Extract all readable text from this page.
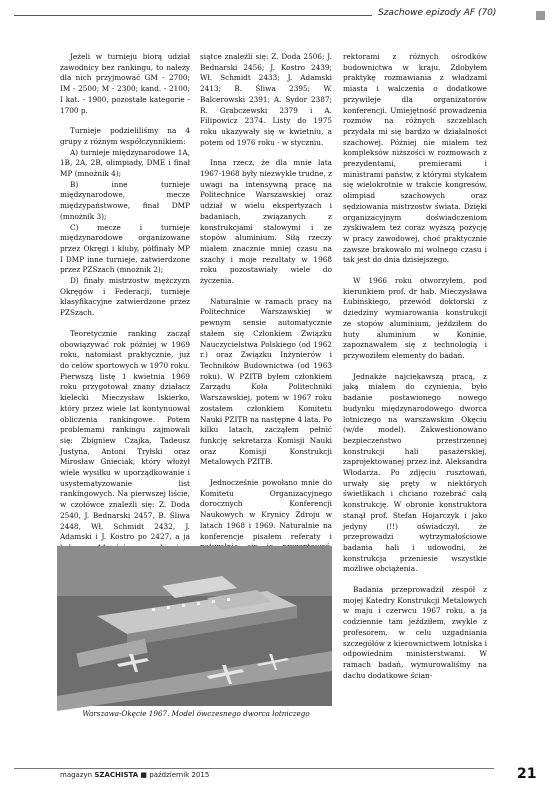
Szachowe epizody AF (70)

Jeżeli w turnieju biorą udział zawodnicy bez rankingu, to należy dla nich przyjmować GM - 2700; IM - 2500; M - 2300; kand. - 2100; I kat. - 1900, pozostałe kategorie - 1700 p.

Turnieje podzieliliśmy na 4 grupy z różnym współczynnikiem:

A) turnieje międzynarodowe 1A, 1B, 2A, 2B, olimpiady, DME i finał MP (mnożnik 4);

B) inne turnieje międzynarodowe, mecze międzypaństwowe, finał DMP (mnożnik 3);

C) mecze i turnieje międzynarodowe organizowane przez Okręgi i kluby, półfinały MP I DMP inne turnieje, zatwierdzone przez PZSzach (mnożnik 2);

D) finały mistrzostw mężczyzn Okręgów i Federacji, turnieje klasyfikacyjne zatwierdzone przez PZSzach.

Teoretycznie ranking zaczął obowiązywać rok później w 1969 roku, natomiast praktycznie, już do celów sportowych w 1970 roku. Pierwszą listę 1 kwietnia 1969 roku przygotował znany działacz kielecki Mieczysław Iskierko, który przez wiele lat kontynuował obliczenia rankingowe. Potem problemami rankingu zajmowali się: Zbigniew Czajka, Tadeusz Justyna, Antoni Tryłski oraz Mirosław Gnieciak, który włożył wiele wysiłku w uporządkowanie i usystematyzowanie list rankingowych. Na pierwszej liście, w czołówce znaleźli się: Z. Doda 2540, J. Bednarski 2457, B. Śliwa 2448, Wł. Schmidt 2432, J. Adamski i J. Kostro po 2427, a ja

siątce znaleźli się: Z. Doda 2506; J. Bednarski 2456; J. Kostro 2439; Wł. Schmidt 2433; J. Adamski 2413; B. Śliwa 2395; W. Balcerowski 2391; A. Sydor 2387; R. Grabczewski 2379 i A. Filipowicz 2374. Listy do 1975 roku ukazywały się w kwietniu, a potem od 1976 roku - w styczniu.

Inna rzecz, że dla mnie lata 1967-1968 były niezwykle trudne, z uwagi na intensywną pracę na Politechnice Warszawskiej oraz udział w wielu ekspertyzach i badaniach, związanych z konstrukcjami stalowymi i ze stopów aluminium. Siłą rzeczy miałem znacznie mniej czasu na szachy i moje rezultaty w 1968 roku pozostawiały wiele do życzenia.

Naturalnie w ramach pracy na Politechnice Warszawskiej w pewnym sensie automatycznie stałem się Członkiem Związku Nauczycielstwa Polskiego (od 1962 r.) oraz Związku Inżynierów i Techników Budownictwa (od 1963 roku). W PZITB byłem członkiem Zarządu Koła Politechniki Warszawskiej, potem w 1967 roku zostałem członkiem Komitetu Nauki PZITB na następne 4 lata. Po kilku latach, zacząłem pełnić funkcję sekretarza Komisji Nauki oraz Komisji Konstrukcji Metalowych PZITB.

Jednocześnie powołano mnie do Komitetu Organizacyjnego dorocznych Konferencji Naukowych w Krynicy Zdroju w latach 1968 i 1969. Naturalnie na konferencje pisałem referaty i

rektorami z różnych ośrodków budownictwa w kraju. Zdobyłem praktykę rozmawiania z władzami miasta i walczenia o dodatkowe przywileje dla organizatorów konferencji. Umiejętność prowadzenia rozmów na różnych szczeblach przydała mi się bardzo w działalności szachowej. Później nie miałem też kompleksów niższości w rozmowach z prezydentami, premierami i ministrami państw, z którymi stykałem się wielokrotnie w trakcie kongresów, olimpiad szachowych oraz sędziowania mistrzostw świata. Dzięki organizacyjnym doświadczeniom zyskiwałem też coraz wyższą pozycję w pracy zawodowej, choć praktycznie zawsze brakowało mi wolnego czasu i tak jest do dnia dzisiejszego.

W 1966 roku otworzyłem, pod kierunkiem prof. dr hab. Mieczysława Łubińskiego, przewód doktorski z dziedziny wymiarowania konstrukcji ze stopów aluminium, jeździłem do huty aluminium w Koninie, zapoznawałem się z technologią i przywoziłem elementy do badań.

Jednakże najciekawszą pracą, z jaką miałem do czynienia, było badanie postawionego nowego budynku międzynarodowego dworca lotniczego na warszawskim Okęciu (w/de model). Zakwestionowano bezpieczeństwo przestrzennej konstrukcji hali pasażerskiej, zaprojektowanej przez inż. Aleksandra Włodarza. Po zdjęciu rusztowań, urwały się pręty w niektórych świetlikach i chciano rozebrać całą konstrukcję. W obronie konstruktora stanął prof. Stefan Hojarczyk i jako jedyny (!!) oświadczył, że przeprowadzi wytrzymałościowe badania hali i udowodni, że konstrukcja przeniesie wszystkie możliwe obciążenia.

Badania przeprowadził zespół z mojej Katedry Konstrukcji Metalowych w maju i czerwcu 1967 roku, a ja codziennie tam jeździłem, zwykle z profesorem, w celu uzgadniania szczegółów z kierownictwem lotniska i odpowiednim ministerstwami. W ramach badań, wymurowaliśmy na dachu dodatkowe ścian-

Warszawa-Okęcie 1967. Model ówczesnego dworca lotniczego
magazyn SZACHISTA ■ październik 2015	21
